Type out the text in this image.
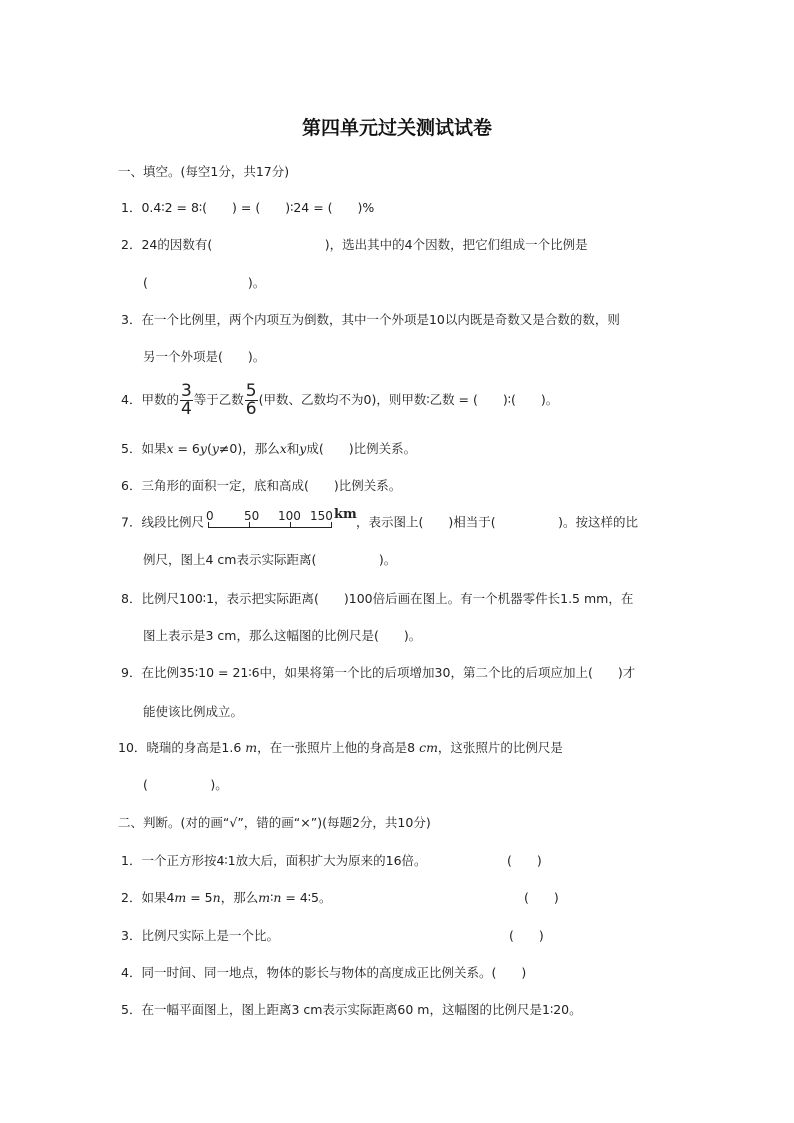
第四单元过关测试试卷
一、填空。(每空1分，共17分)
1．0.4∶2 = 8∶(　　) = (　　)∶24 = (　　)%
2．24的因数有(　　　　　　　　　)，选出其中的4个因数，把它们组成一个比例是
(　　　　　　　　)。
3．在一个比例里，两个内项互为倒数，其中一个外项是10以内既是奇数又是合数的数，则
另一个外项是(　　)。
4．甲数的 $\frac{3}{4}$ 等于乙数 $\frac{5}{6}$ (甲数、乙数均不为0)，则甲数∶乙数 = (　　)∶(　　)。
5．如果x = 6y(y≠0)，那么x和y成(　　)比例关系。
6．三角形的面积一定，底和高成(　　)比例关系。
7．线段比例尺 0	50 100 150 km ，表示图上(　　)相当于(　　　　　)。按这样的比
例尺，图上4 cm表示实际距离(　　　　　)。
8．比例尺100∶1，表示把实际距离(　　)100倍后画在图上。有一个机器零件长1.5 mm，在
图上表示是3 cm，那么这幅图的比例尺是(　　)。
9．在比例35∶10 = 21∶6中，如果将第一个比的后项增加30，第二个比的后项应加上(　　)才
能使该比例成立。
10．晓瑞的身高是1.6 m，在一张照片上他的身高是8 cm，这张照片的比例尺是
(　　　　　)。
二、判断。(对的画“√”，错的画“×”)(每题2分，共10分)
1．一个正方形按4∶1放大后，面积扩大为原来的16倍。	(　　)
2．如果4m = 5n，那么m∶n = 4∶5。	(　　)
3．比例尺实际上是一个比。	(　　)
4．同一时间、同一地点，物体的影长与物体的高度成正比例关系。(　　)
5．在一幅平面图上，图上距离3 cm表示实际距离60 m，这幅图的比例尺是1∶20。
